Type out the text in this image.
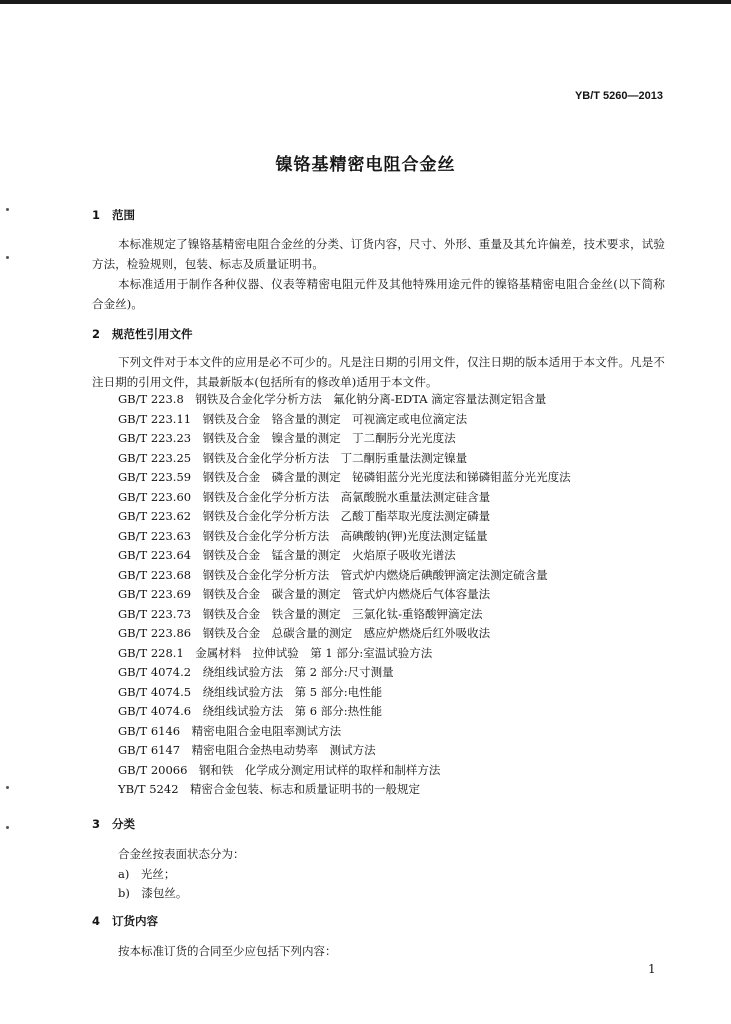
YB/T 5260—2013
镍铬基精密电阻合金丝
1 范围
本标准规定了镍铬基精密电阻合金丝的分类、订货内容，尺寸、外形、重量及其允许偏差，技术要求，试验方法，检验规则，包装、标志及质量证明书。
本标准适用于制作各种仪器、仪表等精密电阻元件及其他特殊用途元件的镍铬基精密电阻合金丝(以下简称合金丝)。
2 规范性引用文件
下列文件对于本文件的应用是必不可少的。凡是注日期的引用文件，仅注日期的版本适用于本文件。凡是不注日期的引用文件，其最新版本(包括所有的修改单)适用于本文件。
GB/T 223.8　钢铁及合金化学分析方法　氟化钠分离-EDTA 滴定容量法测定铝含量
GB/T 223.11　钢铁及合金　铬含量的测定　可视滴定或电位滴定法
GB/T 223.23　钢铁及合金　镍含量的测定　丁二酮肟分光光度法
GB/T 223.25　钢铁及合金化学分析方法　丁二酮肟重量法测定镍量
GB/T 223.59　钢铁及合金　磷含量的测定　铋磷钼蓝分光光度法和锑磷钼蓝分光光度法
GB/T 223.60　钢铁及合金化学分析方法　高氯酸脱水重量法测定硅含量
GB/T 223.62　钢铁及合金化学分析方法　乙酸丁酯萃取光度法测定磷量
GB/T 223.63　钢铁及合金化学分析方法　高碘酸钠(钾)光度法测定锰量
GB/T 223.64　钢铁及合金　锰含量的测定　火焰原子吸收光谱法
GB/T 223.68　钢铁及合金化学分析方法　管式炉内燃烧后碘酸钾滴定法测定硫含量
GB/T 223.69　钢铁及合金　碳含量的测定　管式炉内燃烧后气体容量法
GB/T 223.73　钢铁及合金　铁含量的测定　三氯化钛-重铬酸钾滴定法
GB/T 223.86　钢铁及合金　总碳含量的测定　感应炉燃烧后红外吸收法
GB/T 228.1　金属材料　拉伸试验　第 1 部分:室温试验方法
GB/T 4074.2　绕组线试验方法　第 2 部分:尺寸测量
GB/T 4074.5　绕组线试验方法　第 5 部分:电性能
GB/T 4074.6　绕组线试验方法　第 6 部分:热性能
GB/T 6146　精密电阻合金电阻率测试方法
GB/T 6147　精密电阻合金热电动势率　测试方法
GB/T 20066　钢和铁　化学成分测定用试样的取样和制样方法
YB/T 5242　精密合金包装、标志和质量证明书的一般规定
3 分类
合金丝按表面状态分为：
a)　光丝；
b)　漆包丝。
4 订货内容
按本标准订货的合同至少应包括下列内容：
1
